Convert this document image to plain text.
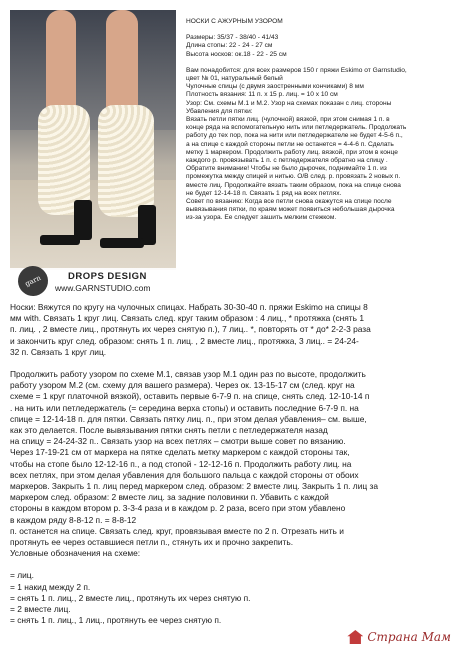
garn	DROPS DESIGN
www.GARNSTUDIO.com

НОСКИ С АЖУРНЫМ УЗОРОМ

Размеры: 35/37 - 38/40 - 41/43

Длина стопы: 22 - 24 - 27 см

Высота носков: ок.18 - 22 - 25 см

Вам понадобится: для всех размеров 150 г пряжи Eskimo от Garnstudio,

цвет № 01, натуральный белый

Чулочные спицы (с двумя заостренными кончиками) 8 мм

Плотность вязания: 11 п. х 15 р. лиц. = 10 х 10 см

Узор: См. схемы М.1 и М.2. Узор на схемах показан с лиц. стороны

Убавления для пятки:

Вязать петли пятки лиц. (чулочной) вязкой, при этом снимая 1 п. в

конце ряда на вспомогательную нить или петледержатель. Продолжать

работу до тех пор, пока на нити или петледержателе не будет 4-5-6 п.,

а на спице с каждой стороны петли не останется = 4-4-6 п. Сделать

метку 1 маркером. Продолжить работу лиц. вязкой, при этом в конце

каждого р. провязывать 1 п. с петледержателя обратно на спицу .

Обратите внимание! Чтобы не было дырочек, поднимайте 1 п. из

промежутка между спицей и нитью. О/В след. р. провязать 2 новых п.

вместе лиц. Продолжайте вязать таким образом, пока на спице снова

не будет 12-14-18 п. Связать 1 ряд на всех петлях.

Совет по вязанию: Когда все петли снова окажутся на спице после

вывязывания пятки, по краям может появиться небольшая дырочка

из-за узора. Ее следует зашить мелким стежком.

Носки: Вяжутся по кругу на чулочных спицах. Набрать 30-30-40 п. пряжи Eskimo на спицы 8

мм with. Связать 1 круг лиц. Связать след. круг таким образом : 4 лиц., * протяжка (снять 1

п. лиц. , 2 вместе лиц., протянуть их через снятую п.), 7 лиц.. *, повторять от * до* 2-2-3 раза

и закончить круг след. образом: снять 1 п. лиц. , 2 вместе лиц., протяжка, 3 лиц.. = 24-24-

32 п. Связать 1 круг лиц.

Продолжить работу узором по схеме М.1, связав узор М.1 один раз по высоте, продолжить

работу узором М.2 (см. схему для вашего размера). Через ок. 13-15-17 см (след. круг на

схеме = 1 круг платочной вязкой), оставить первые 6-7-9 п. на спице, снять след. 12-10-14 п

. на нить или петледержатель (= середина верха стопы) и оставить последние 6-7-9 п. на

спице = 12-14-18 п. для пятки. Связать пятку лиц. п., при этом делая убавления– см. выше,

как это делается. После вывязывания пятки снять петли с петледержателя назад

на спицу = 24-24-32 п.. Связать узор на всех петлях – смотри выше совет по вязанию.

Через 17-19-21 см от маркера на пятке сделать метку маркером с каждой стороны так,

чтобы на стопе было 12-12-16 п., а под стопой - 12-12-16 п. Продолжить работу лиц. на

всех петлях, при этом делая убавления для большого пальца с каждой стороны от обоих

маркеров. Закрыть 1 п. лиц перед маркером след. образом: 2 вместе лиц. Закрыть 1 п. лиц за

маркером след. образом: 2 вместе лиц. за задние половинки п. Убавить с каждой

стороны в каждом втором р. 3-3-4 раза и в каждом р. 2 раза, всего при этом убавлено

в каждом ряду 8-8-12 п. = 8-8-12

п. останется на спице. Связать след. круг, провязывая вместе по 2 п. Отрезать нить и

протянуть ее через оставшиеся петли п., стянуть их и прочно закрепить.

Условные обозначения на схеме:

= лиц.

= 1 накид между 2 п.

= снять 1 п. лиц., 2 вместе лиц., протянуть их через снятую п.

= 2 вместе лиц.

= снять 1 п. лиц., 1 лиц., протянуть ее через снятую п.

Страна Мам
